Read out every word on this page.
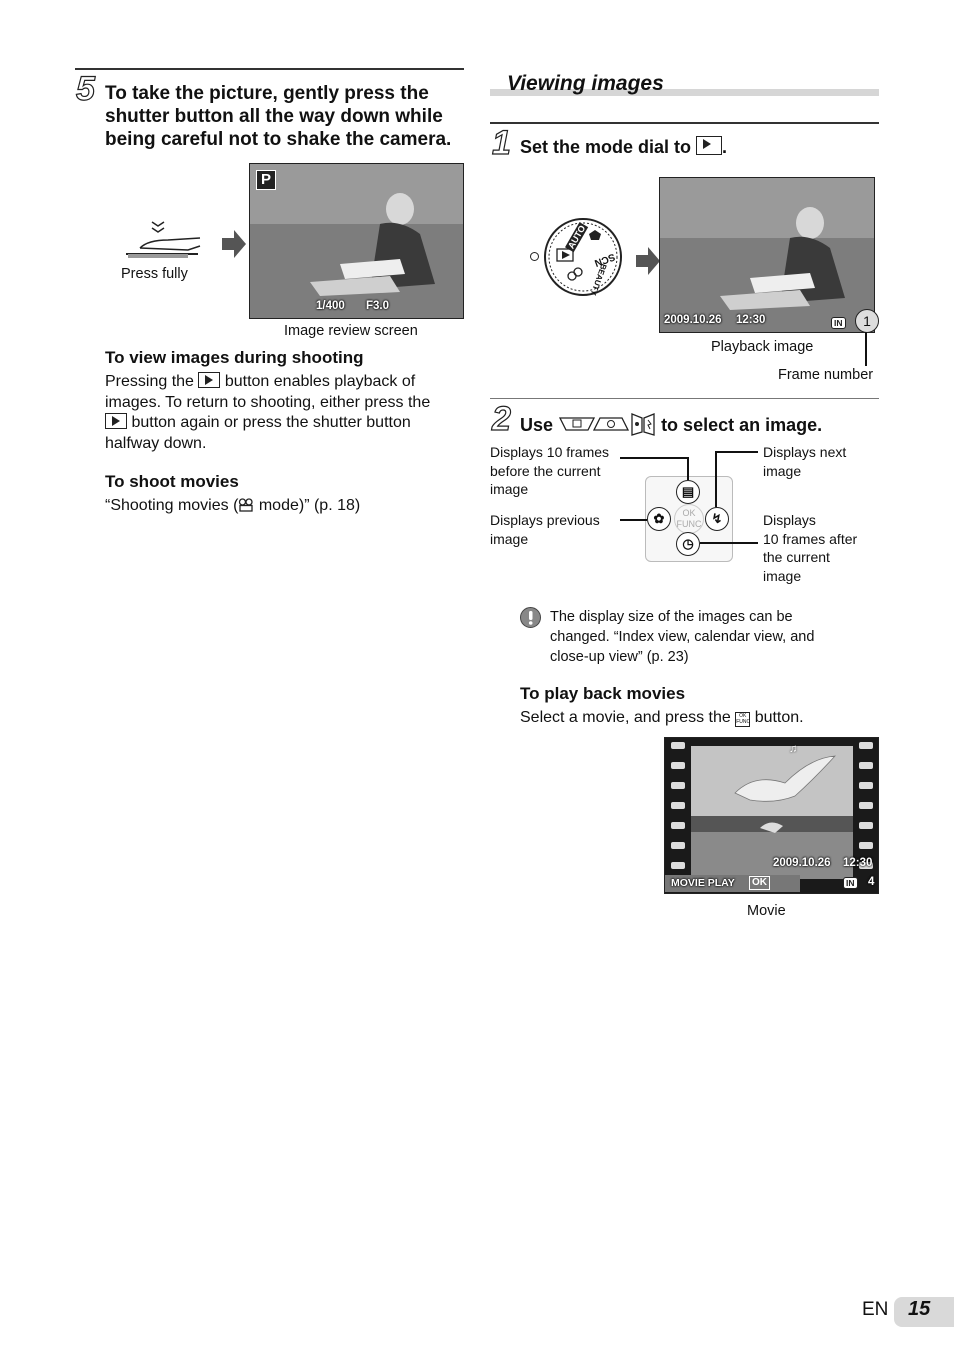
5 To take the picture, gently press the
shutter button all the way down while
being careful not to shake the camera.
Press fully
P
1/400 F3.0
Image review screen
To view images during shooting
Pressing the button enables playback of
images. To return to shooting, either press the
button again or press the shutter button
halfway down.
To shoot movies
“Shooting movies ( mode)” (p. 18)
Viewing images
1 Set the mode dial to .
AUTO
SCN
BEAUTY
2009.10.26 12:30	IN	1
Playback image
Frame number
2 Use	to select an image.
Displays 10 frames
before the current
image
Displays next
image
Displays previous
image
Displays
10 frames after
the current
image
OK
FUNC
▤
✿	↯
◷
The display size of the images can be
changed. “Index view, calendar view, and
close-up view” (p. 23)
To play back movies
Select a movie, and press the OK
FUNC button.
♫
2009.10.26 12:30
MOVIE PLAY	OK	IN 4
Movie
EN 15
